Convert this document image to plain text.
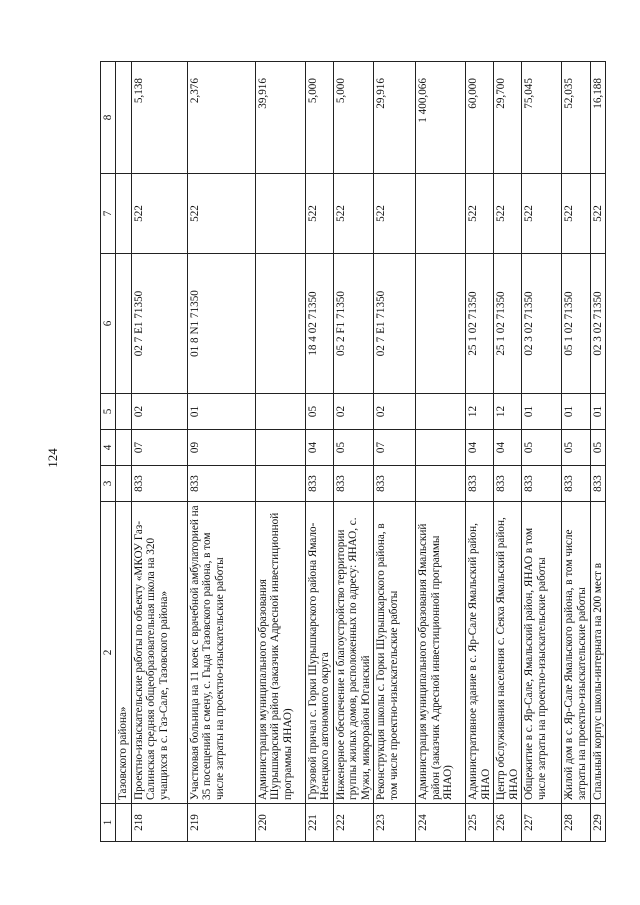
124
1	2	3	4	5	6	7	8
	Тазовского района»						
218	Проектно-изыскательские работы по объекту «МКОУ Газ-Салинская средняя общеобразовательная школа на 320 учащихся в с. Газ-Сале, Тазовского района»	833	07	02	02 7 E1 71350	522	5,138
219	Участковая больница на 11 коек с врачебной амбулаторией на 35 посещений в смену, с. Гыда Тазовского района, в том числе затраты на проектно-изыскательские работы	833	09	01	01 8 N1 71350	522	2,376
220	Администрация муниципального образования Шурышкарский район (заказчик Адресной инвестиционной программы ЯНАО)						39,916
221	Грузовой причал с. Горки Шурышкарского района Ямало-Ненецкого автономного округа	833	04	05	18 4 02 71350	522	5,000
222	Инженерное обеспечение и благоустройство территории группы жилых домов, расположенных по адресу: ЯНАО, с. Мужи, микрорайон Юганский	833	05	02	05 2 F1 71350	522	5,000
223	Реконструкция школы с. Горки Шурышкарского района, в том числе проектно-изыскательские работы	833	07	02	02 7 E1 71350	522	29,916
224	Администрация муниципального образования Ямальский район (заказчик Адресной инвестиционной программы ЯНАО)						1 400,066
225	Административное здание в с. Яр-Сале Ямальский район, ЯНАО	833	04	12	25 1 02 71350	522	60,000
226	Центр обслуживания населения с. Сеяха Ямальский район, ЯНАО	833	04	12	25 1 02 71350	522	29,700
227	Общежитие в с. Яр-Сале, Ямальский район, ЯНАО в том числе затраты на проектно-изыскательские работы	833	05	01	02 3 02 71350	522	75,045
228	Жилой дом в с. Яр-Сале Ямальского района, в том числе затраты на проектно-изыскательские работы	833	05	01	05 1 02 71350	522	52,035
229	Спальный корпус школы-интерната на 200 мест в	833	05	01	02 3 02 71350	522	16,188
